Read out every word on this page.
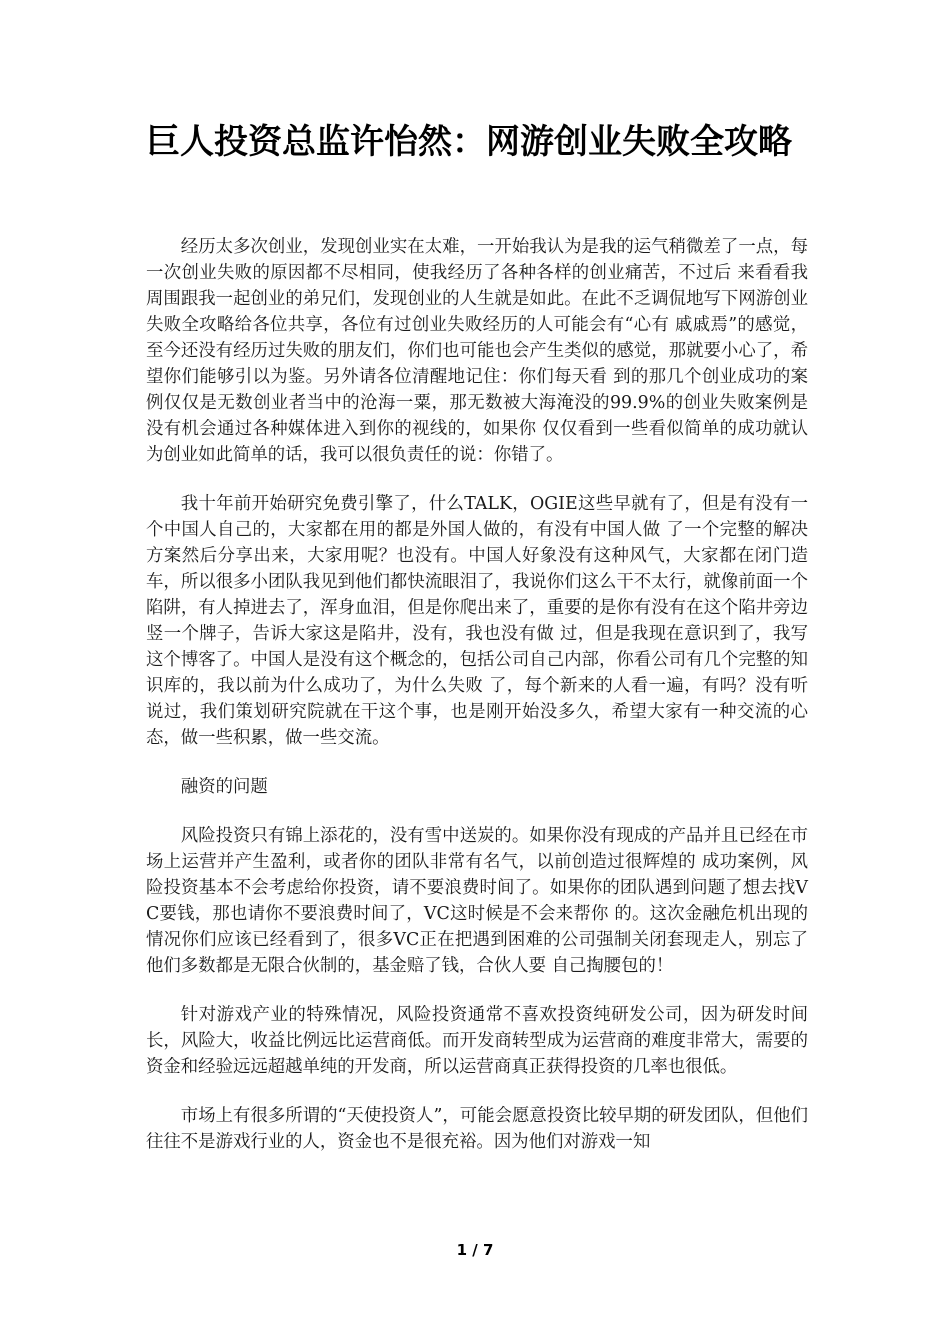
巨人投资总监许怡然：网游创业失败全攻略

经历太多次创业，发现创业实在太难，一开始我认为是我的运气稍微差了一点，每一次创业失败的原因都不尽相同，使我经历了各种各样的创业痛苦，不过后 来看看我周围跟我一起创业的弟兄们，发现创业的人生就是如此。在此不乏调侃地写下网游创业失败全攻略给各位共享，各位有过创业失败经历的人可能会有“心有 戚戚焉”的感觉，至今还没有经历过失败的朋友们，你们也可能也会产生类似的感觉，那就要小心了，希望你们能够引以为鉴。另外请各位清醒地记住：你们每天看 到的那几个创业成功的案例仅仅是无数创业者当中的沧海一粟，那无数被大海淹没的99.9%的创业失败案例是没有机会通过各种媒体进入到你的视线的，如果你 仅仅看到一些看似简单的成功就认为创业如此简单的话，我可以很负责任的说：你错了。

我十年前开始研究免费引擎了，什么TALK，OGIE这些早就有了，但是有没有一个中国人自己的，大家都在用的都是外国人做的，有没有中国人做 了一个完整的解决方案然后分享出来，大家用呢？也没有。中国人好象没有这种风气，大家都在闭门造车，所以很多小团队我见到他们都快流眼泪了，我说你们这么干不太行，就像前面一个陷阱，有人掉进去了，浑身血泪，但是你爬出来了，重要的是你有没有在这个陷井旁边竖一个牌子，告诉大家这是陷井，没有，我也没有做 过，但是我现在意识到了，我写这个博客了。中国人是没有这个概念的，包括公司自己内部，你看公司有几个完整的知识库的，我以前为什么成功了，为什么失败 了，每个新来的人看一遍，有吗？没有听说过，我们策划研究院就在干这个事，也是刚开始没多久，希望大家有一种交流的心态，做一些积累，做一些交流。

融资的问题

风险投资只有锦上添花的，没有雪中送炭的。如果你没有现成的产品并且已经在市场上运营并产生盈利，或者你的团队非常有名气，以前创造过很辉煌的 成功案例，风险投资基本不会考虑给你投资，请不要浪费时间了。如果你的团队遇到问题了想去找VC要钱，那也请你不要浪费时间了，VC这时候是不会来帮你 的。这次金融危机出现的情况你们应该已经看到了，很多VC正在把遇到困难的公司强制关闭套现走人，别忘了他们多数都是无限合伙制的，基金赔了钱，合伙人要 自己掏腰包的！

针对游戏产业的特殊情况，风险投资通常不喜欢投资纯研发公司，因为研发时间长，风险大，收益比例远比运营商低。而开发商转型成为运营商的难度非常大，需要的资金和经验远远超越单纯的开发商，所以运营商真正获得投资的几率也很低。

市场上有很多所谓的“天使投资人”，可能会愿意投资比较早期的研发团队，但他们往往不是游戏行业的人，资金也不是很充裕。因为他们对游戏一知

1 / 7
